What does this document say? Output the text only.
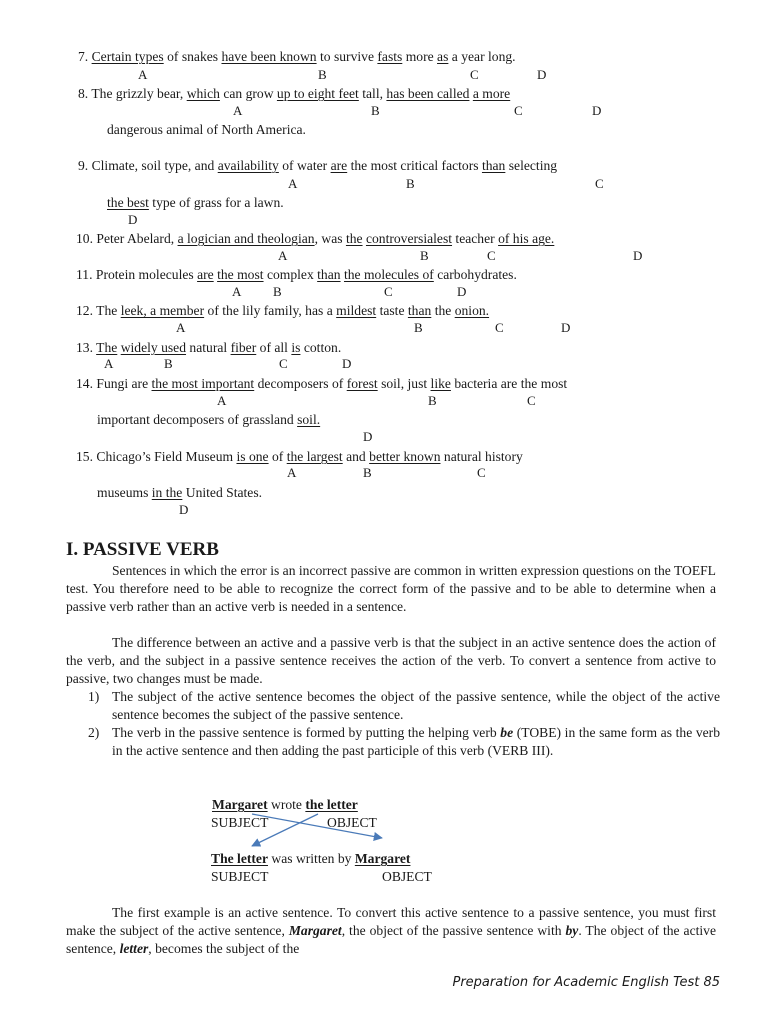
7. Certain types of snakes have been known to survive fasts more as a year long.
A	B	C	D
8. The grizzly bear, which can grow up to eight feet tall, has been called a more
A	B	C	D
dangerous animal of North America.
9. Climate, soil type, and availability of water are the most critical factors than selecting
A	B	C
the best type of grass for a lawn.
D
10. Peter Abelard, a logician and theologian, was the controversialest teacher of his age.
A	B	C	D
11. Protein molecules are the most complex than the molecules of carbohydrates.
A B	C	D
12. The leek, a member of the lily family, has a mildest taste than the onion.
A	B	C	D
13. The widely used natural fiber of all is cotton.
A	B	C	D
14. Fungi are the most important decomposers of forest soil, just like bacteria are the most
A	B	C
important decomposers of grassland soil.
D
15. Chicago’s Field Museum is one of the largest and better known natural history
A	B	C
museums in the United States.
D
I. PASSIVE VERB
Sentences in which the error is an incorrect passive are common in written expression questions on the TOEFL test. You therefore need to be able to recognize the correct form of the passive and to be able to determine when a passive verb rather than an active verb is needed in a sentence.
The difference between an active and a passive verb is that the subject in an active sentence does the action of the verb, and the subject in a passive sentence receives the action of the verb. To convert a sentence from active to passive, two changes must be made.
1) The subject of the active sentence becomes the object of the passive sentence, while the object of the active sentence becomes the subject of the passive sentence.
2) The verb in the passive sentence is formed by putting the helping verb be (TOBE) in the same form as the verb in the active sentence and then adding the past participle of this verb (VERB III).
Margaret wrote the letter
SUBJECT	OBJECT
The letter was written by Margaret
SUBJECT	OBJECT
The first example is an active sentence. To convert this active sentence to a passive sentence, you must first make the subject of the active sentence, Margaret, the object of the passive sentence with by. The object of the active sentence, letter, becomes the subject of the
Preparation for Academic English Test 85
